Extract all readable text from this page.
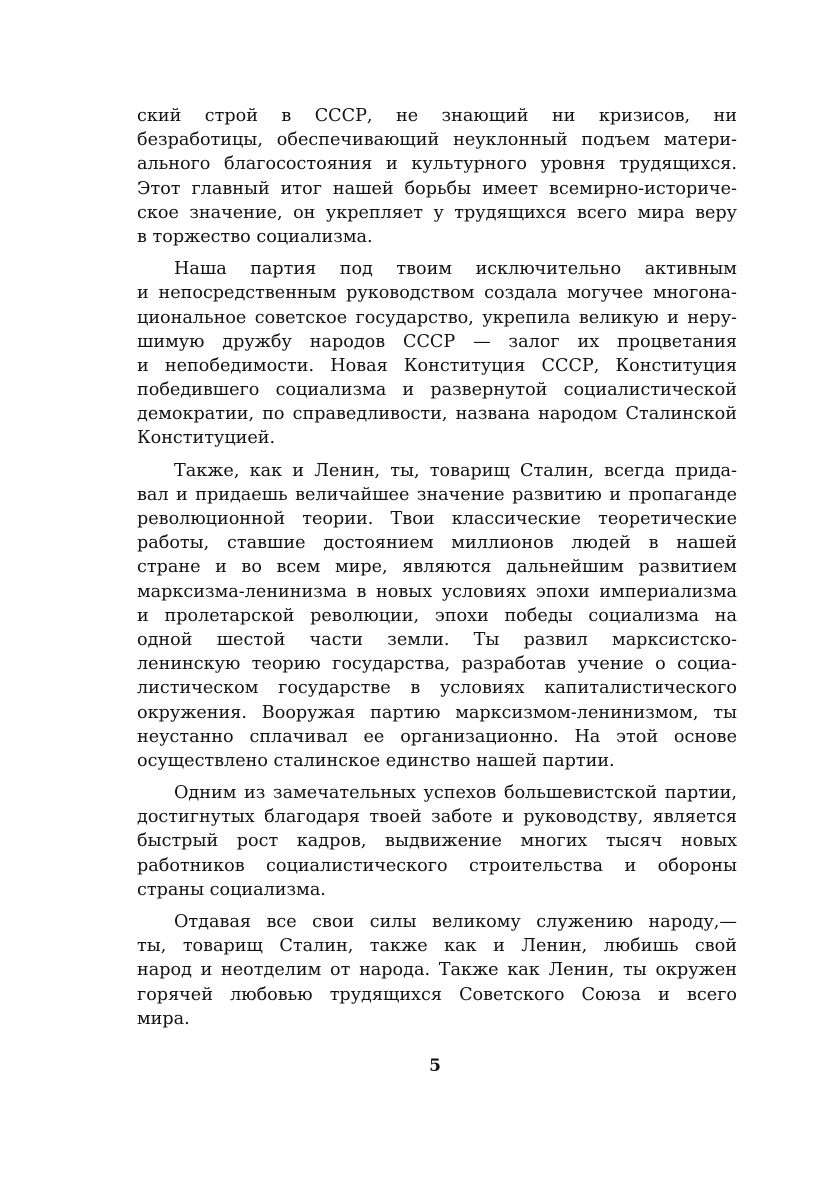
ский строй в СССР, не знающий ни кризисов, ни
безработицы, обеспечивающий неуклонный подъем матери-
ального благосостояния и культурного уровня трудящихся.
Этот главный итог нашей борьбы имеет всемирно-историче-
ское значение, он укрепляет у трудящихся всего мира веру
в торжество социализма.
Наша партия под твоим исключительно активным
и непосредственным руководством создала могучее многона-
циональное советское государство, укрепила великую и неру-
шимую дружбу народов СССР — залог их процветания
и непобедимости. Новая Конституция СССР, Конституция
победившего социализма и развернутой социалистической
демократии, по справедливости, названа народом Сталинской
Конституцией.
Также, как и Ленин, ты, товарищ Сталин, всегда прида-
вал и придаешь величайшее значение развитию и пропаганде
революционной теории. Твои классические теоретические
работы, ставшие достоянием миллионов людей в нашей
стране и во всем мире, являются дальнейшим развитием
марксизма-ленинизма в новых условиях эпохи империализма
и пролетарской революции, эпохи победы социализма на
одной шестой части земли. Ты развил марксистско-
ленинскую теорию государства, разработав учение о социа-
листическом государстве в условиях капиталистического
окружения. Вооружая партию марксизмом-ленинизмом, ты
неустанно сплачивал ее организационно. На этой основе
осуществлено сталинское единство нашей партии.
Одним из замечательных успехов большевистской партии,
достигнутых благодаря твоей заботе и руководству, является
быстрый рост кадров, выдвижение многих тысяч новых
работников социалистического строительства и обороны
страны социализма.
Отдавая все свои силы великому служению народу,—
ты, товарищ Сталин, также как и Ленин, любишь свой
народ и неотделим от народа. Также как Ленин, ты окружен
горячей любовью трудящихся Советского Союза и всего
мира.
5
